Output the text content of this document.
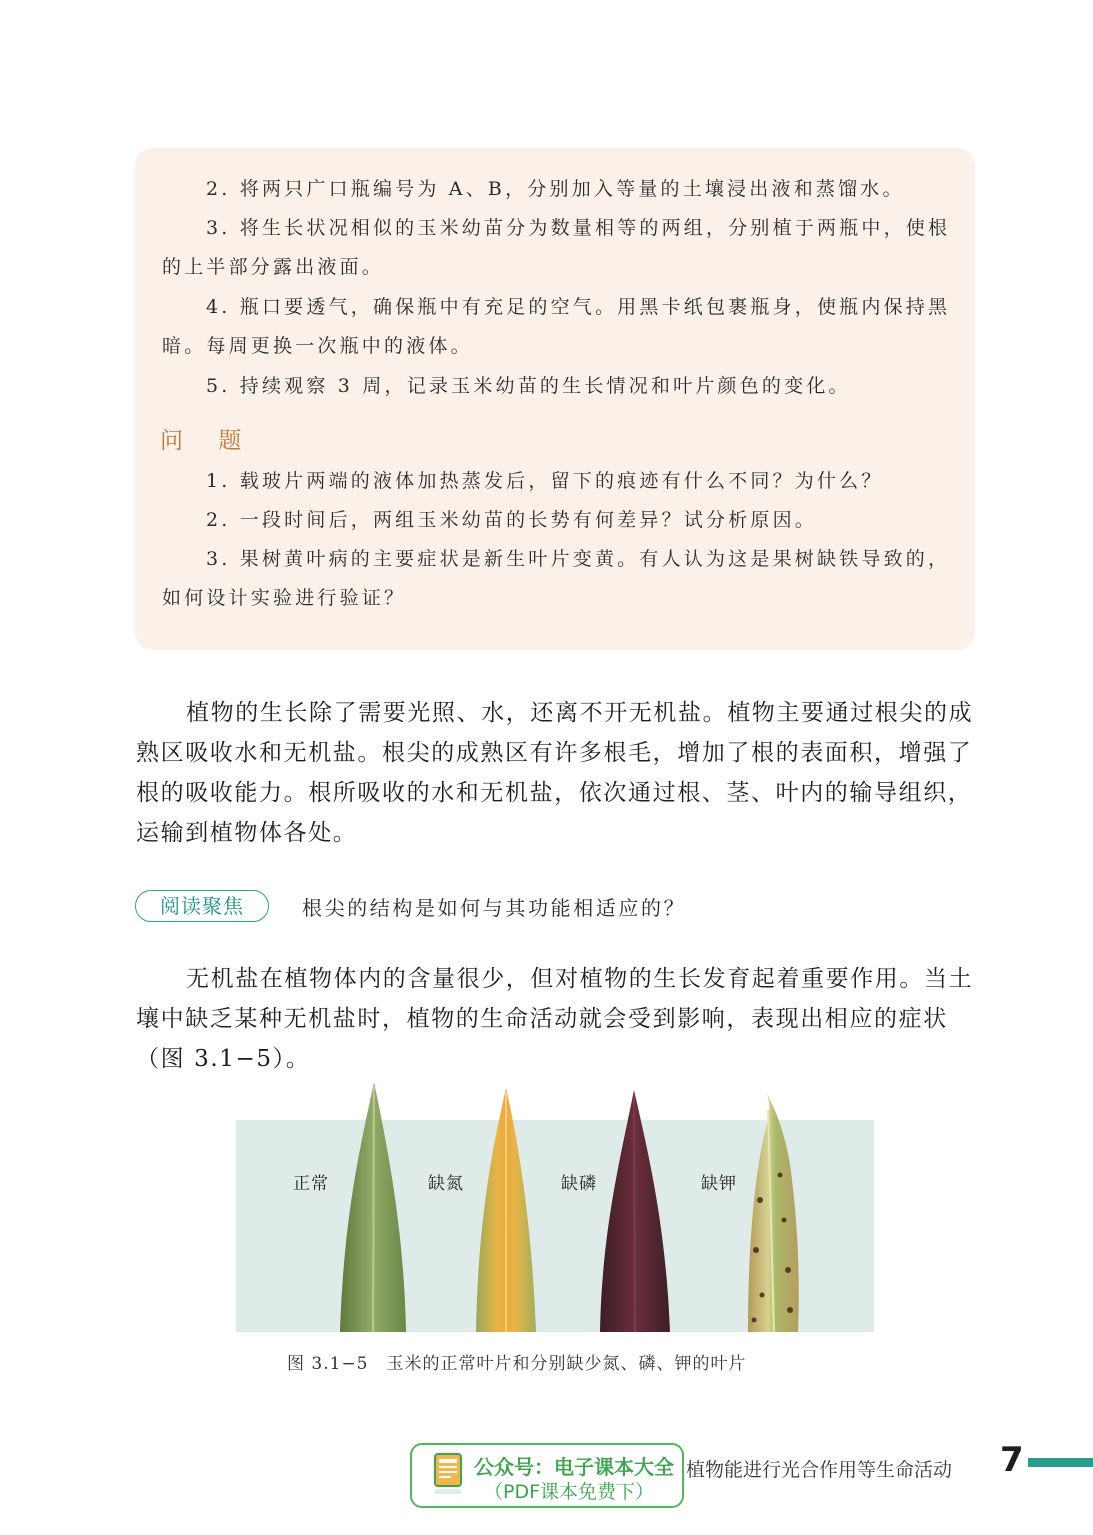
2. 将两只广口瓶编号为 A、B，分别加入等量的土壤浸出液和蒸馏水。

3. 将生长状况相似的玉米幼苗分为数量相等的两组，分别植于两瓶中，使根的上半部分露出液面。

4. 瓶口要透气，确保瓶中有充足的空气。用黑卡纸包裹瓶身，使瓶内保持黑暗。每周更换一次瓶中的液体。

5. 持续观察 3 周，记录玉米幼苗的生长情况和叶片颜色的变化。

问 题

1. 载玻片两端的液体加热蒸发后，留下的痕迹有什么不同？为什么？

2. 一段时间后，两组玉米幼苗的长势有何差异？试分析原因。

3. 果树黄叶病的主要症状是新生叶片变黄。有人认为这是果树缺铁导致的，如何设计实验进行验证？

植物的生长除了需要光照、水，还离不开无机盐。植物主要通过根尖的成熟区吸收水和无机盐。根尖的成熟区有许多根毛，增加了根的表面积，增强了根的吸收能力。根所吸收的水和无机盐，依次通过根、茎、叶内的输导组织，运输到植物体各处。

阅读聚焦	根尖的结构是如何与其功能相适应的？

无机盐在植物体内的含量很少，但对植物的生长发育起着重要作用。当土壤中缺乏某种无机盐时，植物的生命活动就会受到影响，表现出相应的症状（图 3.1−5）。

正常	缺氮	缺磷	缺钾
图 3.1−5　玉米的正常叶片和分别缺少氮、磷、钾的叶片
公众号：电子课本大全
（PDF课本免费下）
植物能进行光合作用等生命活动 7
